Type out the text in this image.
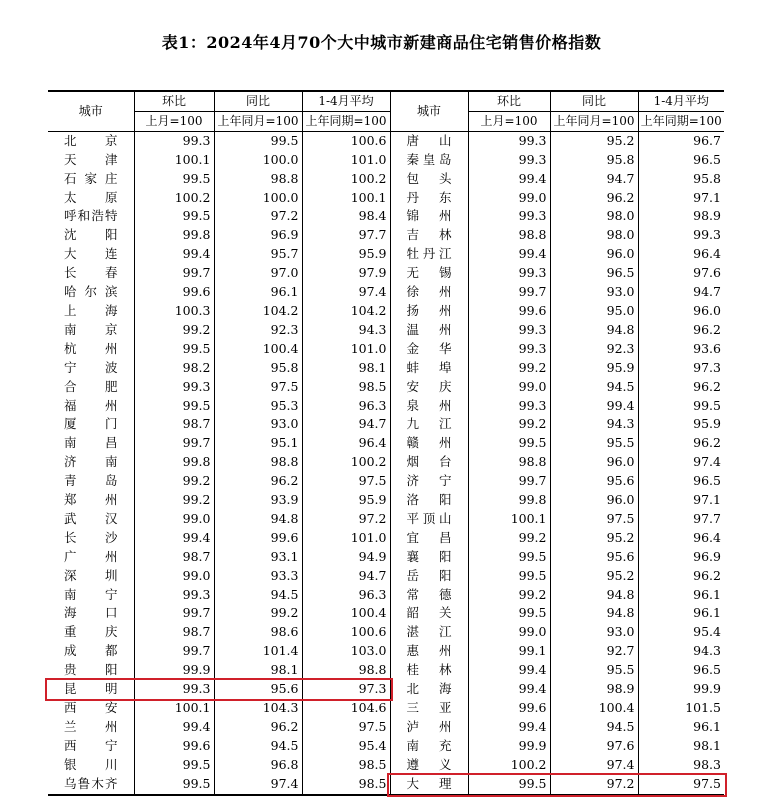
表1：2024年4月70个大中城市新建商品住宅销售价格指数
城市	环比	同比	1-4月平均	城市	环比	同比	1-4月平均
	上月=100	上年同月=100	上年同期=100		上月=100	上年同月=100	上年同期=100
北　京	99.3	99.5	100.6	唐　山	99.3	95.2	96.7
天　津	100.1	100.0	101.0	秦皇岛	99.3	95.8	96.5
石家庄	99.5	98.8	100.2	包　头	99.4	94.7	95.8
太　原	100.2	100.0	100.1	丹　东	99.0	96.2	97.1
呼和浩特	99.5	97.2	98.4	锦　州	99.3	98.0	98.9
沈　阳	99.8	96.9	97.7	吉　林	98.8	98.0	99.3
大　连	99.4	95.7	95.9	牡丹江	99.4	96.0	96.4
长　春	99.7	97.0	97.9	无　锡	99.3	96.5	97.6
哈尔滨	99.6	96.1	97.4	徐　州	99.7	93.0	94.7
上　海	100.3	104.2	104.2	扬　州	99.6	95.0	96.0
南　京	99.2	92.3	94.3	温　州	99.3	94.8	96.2
杭　州	99.5	100.4	101.0	金　华	99.3	92.3	93.6
宁　波	98.2	95.8	98.1	蚌　埠	99.2	95.9	97.3
合　肥	99.3	97.5	98.5	安　庆	99.0	94.5	96.2
福　州	99.5	95.3	96.3	泉　州	99.3	99.4	99.5
厦　门	98.7	93.0	94.7	九　江	99.2	94.3	95.9
南　昌	99.7	95.1	96.4	赣　州	99.5	95.5	96.2
济　南	99.8	98.8	100.2	烟　台	98.8	96.0	97.4
青　岛	99.2	96.2	97.5	济　宁	99.7	95.6	96.5
郑　州	99.2	93.9	95.9	洛　阳	99.8	96.0	97.1
武　汉	99.0	94.8	97.2	平顶山	100.1	97.5	97.7
长　沙	99.4	99.6	101.0	宜　昌	99.2	95.2	96.4
广　州	98.7	93.1	94.9	襄　阳	99.5	95.6	96.9
深　圳	99.0	93.3	94.7	岳　阳	99.5	95.2	96.2
南　宁	99.3	94.5	96.3	常　德	99.2	94.8	96.1
海　口	99.7	99.2	100.4	韶　关	99.5	94.8	96.1
重　庆	98.7	98.6	100.6	湛　江	99.0	93.0	95.4
成　都	99.7	101.4	103.0	惠　州	99.1	92.7	94.3
贵　阳	99.9	98.1	98.8	桂　林	99.4	95.5	96.5
昆　明	99.3	95.6	97.3	北　海	99.4	98.9	99.9
西　安	100.1	104.3	104.6	三　亚	99.6	100.4	101.5
兰　州	99.4	96.2	97.5	泸　州	99.4	94.5	96.1
西　宁	99.6	94.5	95.4	南　充	99.9	97.6	98.1
银　川	99.5	96.8	98.5	遵　义	100.2	97.4	98.3
乌鲁木齐	99.5	97.4	98.5	大　理	99.5	97.2	97.5
